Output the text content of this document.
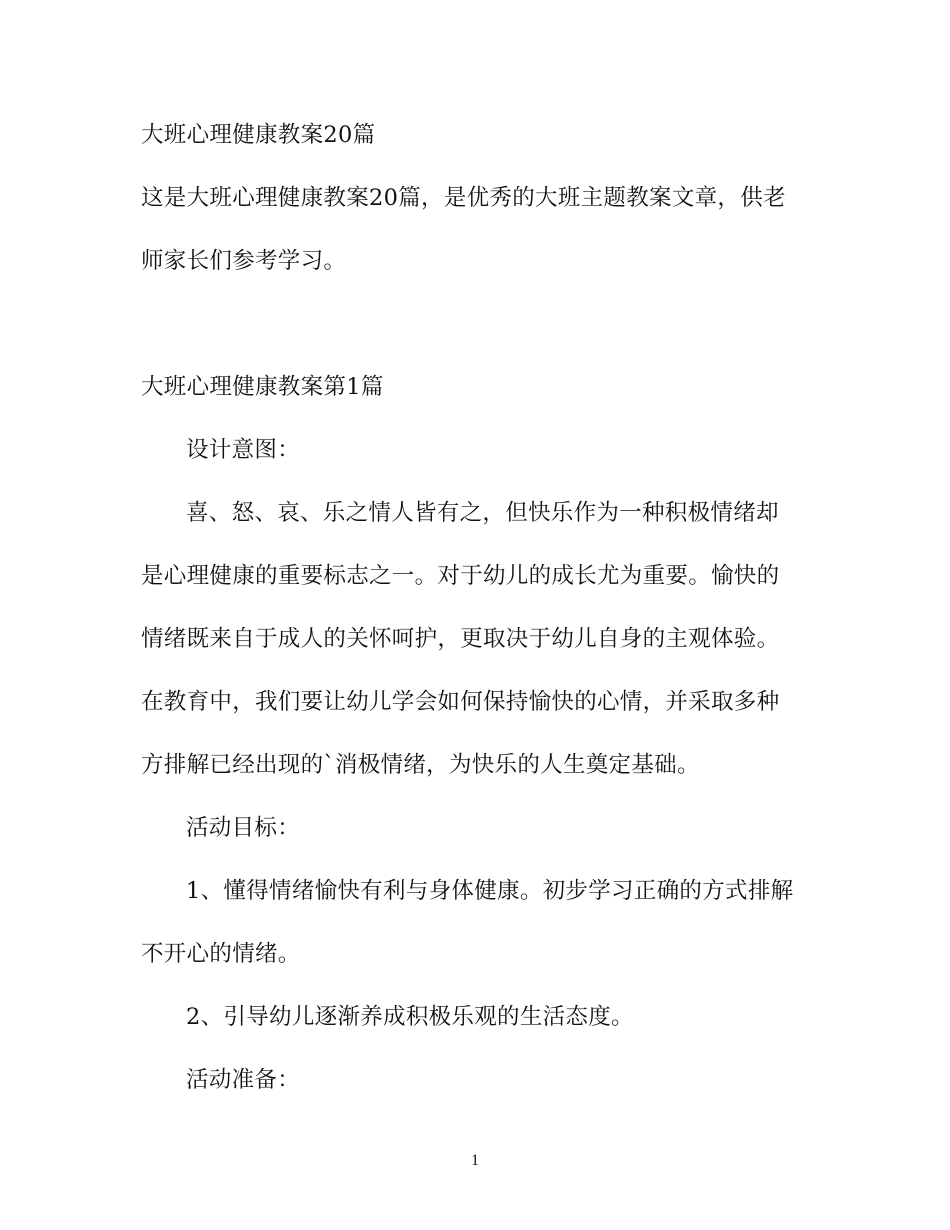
大班心理健康教案20篇
这是大班心理健康教案20篇，是优秀的大班主题教案文章，供老
师家长们参考学习。
大班心理健康教案第1篇
设计意图：
喜、怒、哀、乐之情人皆有之，但快乐作为一种积极情绪却
是心理健康的重要标志之一。对于幼儿的成长尤为重要。愉快的
情绪既来自于成人的关怀呵护，更取决于幼儿自身的主观体验。
在教育中，我们要让幼儿学会如何保持愉快的心情，并采取多种
方排解已经出现的`消极情绪，为快乐的人生奠定基础。
活动目标：
1、懂得情绪愉快有利与身体健康。初步学习正确的方式排解
不开心的情绪。
2、引导幼儿逐渐养成积极乐观的生活态度。
活动准备：
1
